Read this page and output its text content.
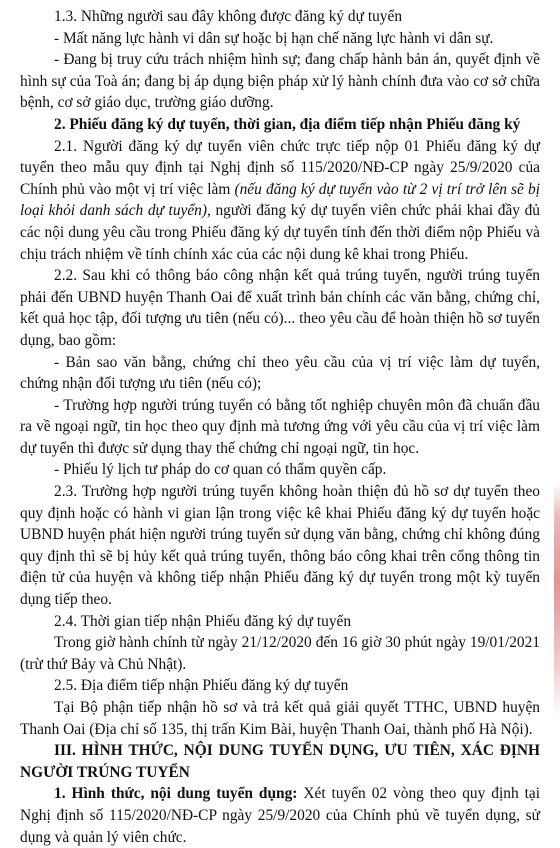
1.3. Những người sau đây không được đăng ký dự tuyển

- Mất năng lực hành vi dân sự hoặc bị hạn chế năng lực hành vi dân sự.

- Đang bị truy cứu trách nhiệm hình sự; đang chấp hành bản án, quyết định về hình sự của Toà án; đang bị áp dụng biện pháp xử lý hành chính đưa vào cơ sở chữa bệnh, cơ sở giáo dục, trường giáo dưỡng.

2. Phiếu đăng ký dự tuyển, thời gian, địa điểm tiếp nhận Phiếu đăng ký

2.1. Người đăng ký dự tuyển viên chức trực tiếp nộp 01 Phiếu đăng ký dự tuyển theo mẫu quy định tại Nghị định số 115/2020/NĐ-CP ngày 25/9/2020 của Chính phủ vào một vị trí việc làm (nếu đăng ký dự tuyển vào từ 2 vị trí trở lên sẽ bị loại khỏi danh sách dự tuyển), người đăng ký dự tuyển viên chức phải khai đầy đủ các nội dung yêu cầu trong Phiếu đăng ký dự tuyển tính đến thời điểm nộp Phiếu và chịu trách nhiệm về tính chính xác của các nội dung kê khai trong Phiếu.

2.2. Sau khi có thông báo công nhận kết quả trúng tuyển, người trúng tuyển phải đến UBND huyện Thanh Oai để xuất trình bản chính các văn bằng, chứng chỉ, kết quả học tập, đối tượng ưu tiên (nếu có)... theo yêu cầu để hoàn thiện hồ sơ tuyển dụng, bao gồm:

- Bản sao văn bằng, chứng chỉ theo yêu cầu của vị trí việc làm dự tuyển, chứng nhận đối tượng ưu tiên (nếu có);

- Trường hợp người trúng tuyển có bằng tốt nghiệp chuyên môn đã chuẩn đầu ra về ngoại ngữ, tin học theo quy định mà tương ứng với yêu cầu của vị trí việc làm dự tuyển thì được sử dụng thay thế chứng chỉ ngoại ngữ, tin học.

- Phiếu lý lịch tư pháp do cơ quan có thẩm quyền cấp.

2.3. Trường hợp người trúng tuyển không hoàn thiện đủ hồ sơ dự tuyển theo quy định hoặc có hành vi gian lận trong việc kê khai Phiếu đăng ký dự tuyển hoặc UBND huyện phát hiện người trúng tuyển sử dụng văn bằng, chứng chỉ không đúng quy định thì sẽ bị hủy kết quả trúng tuyển, thông báo công khai trên cổng thông tin điện tử của huyện và không tiếp nhận Phiếu đăng ký dự tuyển trong một kỳ tuyển dụng tiếp theo.

2.4. Thời gian tiếp nhận Phiếu đăng ký dự tuyển

Trong giờ hành chính từ ngày 21/12/2020 đến 16 giờ 30 phút ngày 19/01/2021 (trừ thứ Bảy và Chủ Nhật).

2.5. Địa điểm tiếp nhận Phiếu đăng ký dự tuyển

Tại Bộ phận tiếp nhận hồ sơ và trả kết quả giải quyết TTHC, UBND huyện Thanh Oai (Địa chỉ số 135, thị trấn Kim Bài, huyện Thanh Oai, thành phố Hà Nội).

III. HÌNH THỨC, NỘI DUNG TUYỂN DỤNG, ƯU TIÊN, XÁC ĐỊNH NGƯỜI TRÚNG TUYỂN

1. Hình thức, nội dung tuyển dụng: Xét tuyển 02 vòng theo quy định tại Nghị định số 115/2020/NĐ-CP ngày 25/9/2020 của Chính phủ về tuyển dụng, sử dụng và quản lý viên chức.
